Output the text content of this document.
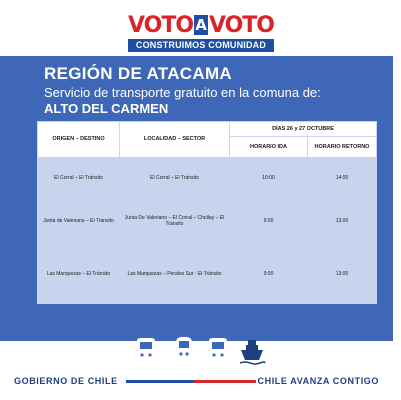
VOTO A VOTO
CONSTRUIMOS COMUNIDAD
REGIÓN DE ATACAMA
Servicio de transporte gratuito en la comuna de:
ALTO DEL CARMEN
ORIGEN – DESTINO	LOCALIDAD – SECTOR	DÍAS 26 y 27 OCTUBRE	
		HORARIO IDA	HORARIO RETORNO
El Corral – El Tránsito	El Corral – El Tránsito	10:00	14:00
Junta de Valeriano – El Tránsito	Junta De Valeriano – El Corral – Chollay – El Tránsito	9:00	13:00
Las Marquezas – El Tránsito	Las Marquezas – Perales Sur - El Tránsito	9:00	13:00
GOBIERNO DE CHILE	CHILE AVANZA CONTIGO
